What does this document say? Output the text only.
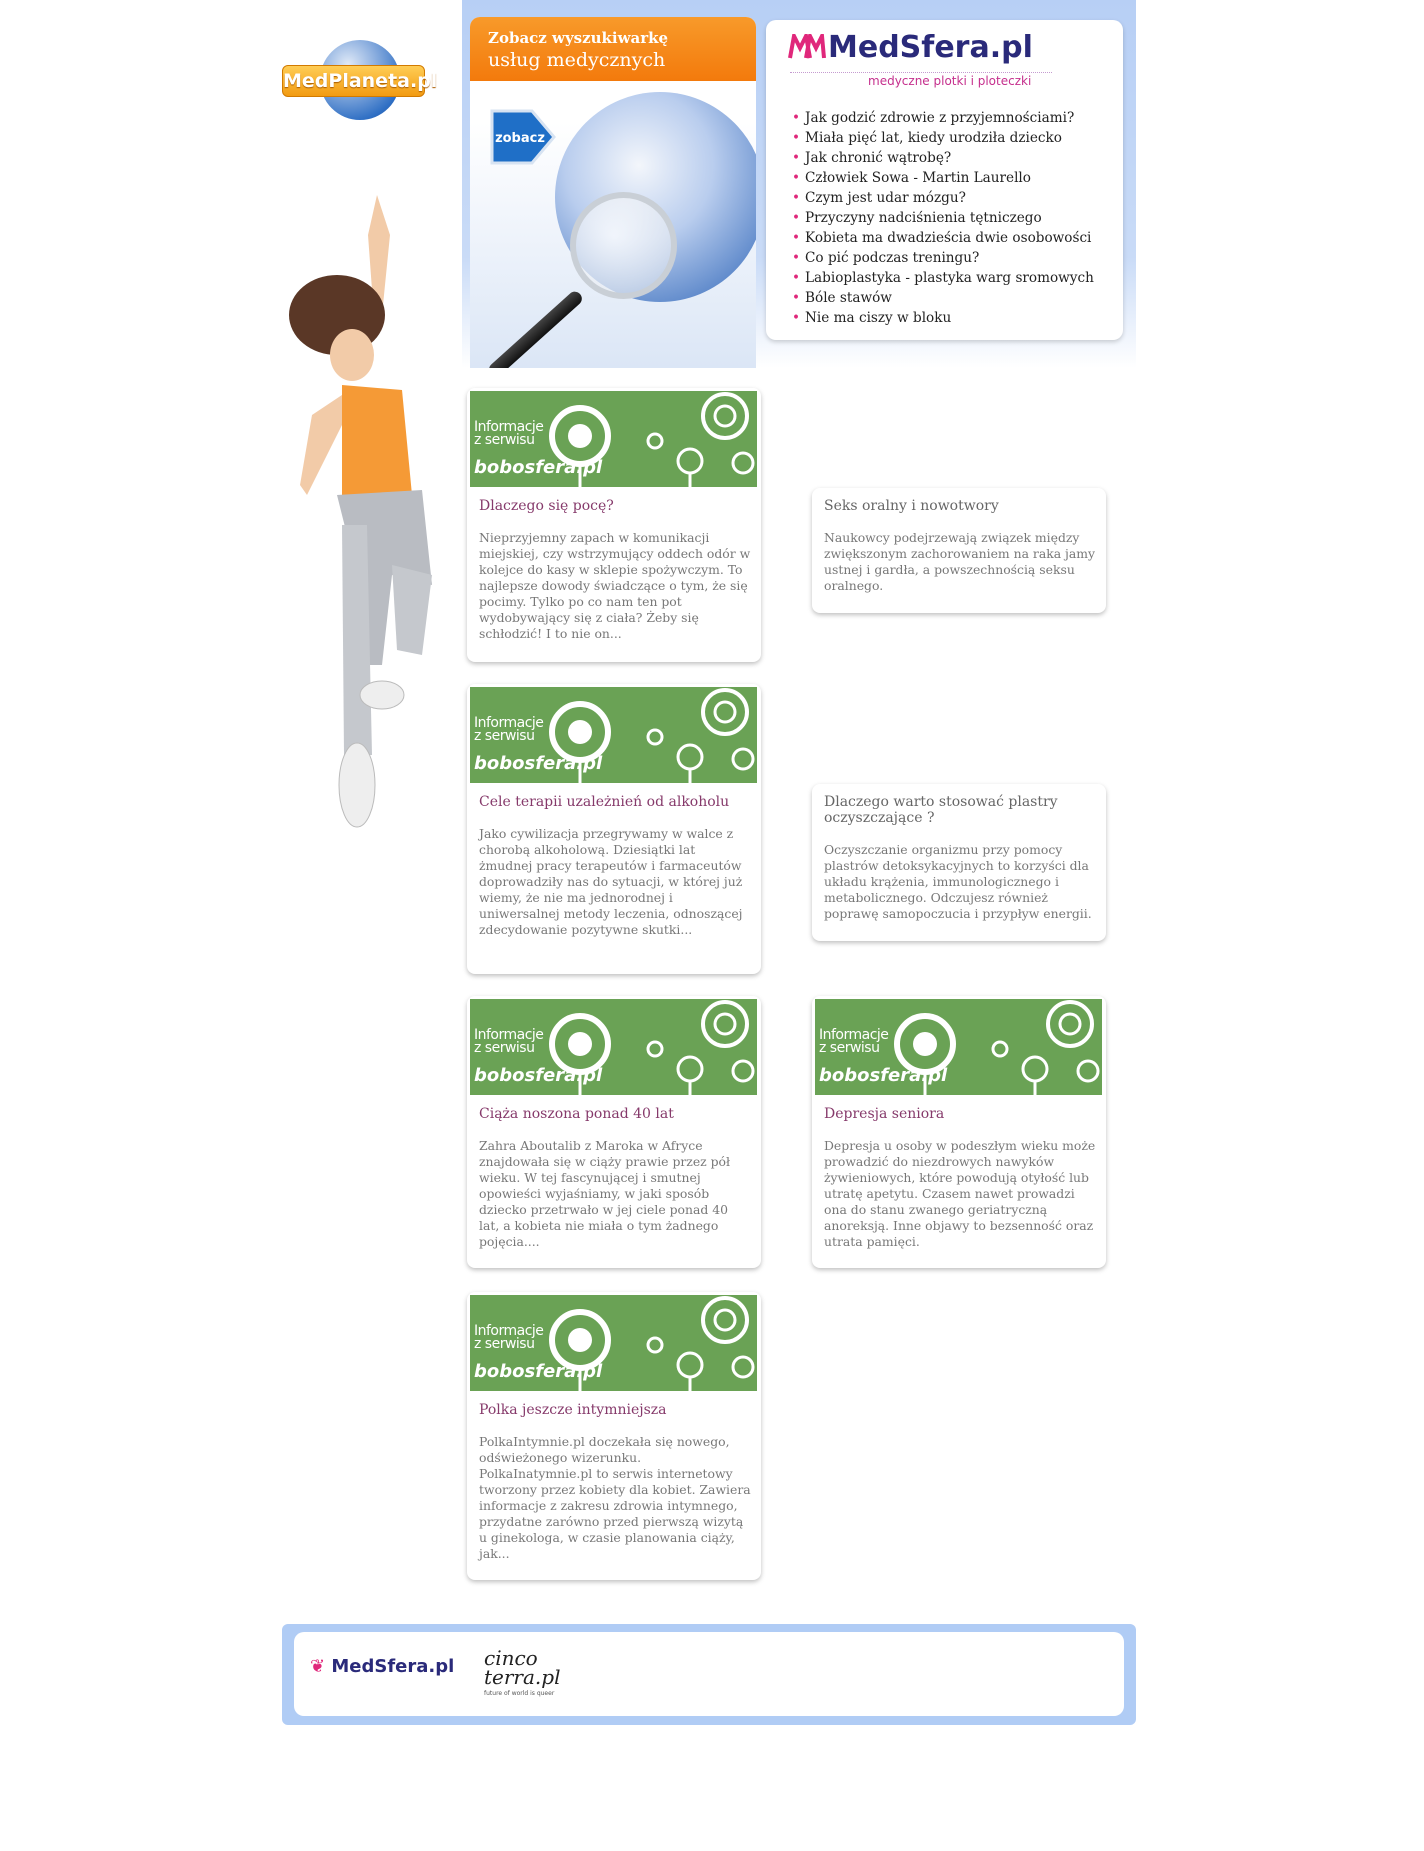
MedPlaneta.pl
Zobacz wyszukiwarkę
usług medycznych
zobacz
MedSfera.pl
medyczne plotki i ploteczki
• Jak godzić zdrowie z przyjemnościami?
• Miała pięć lat, kiedy urodziła dziecko
• Jak chronić wątrobę?
• Człowiek Sowa - Martin Laurello
• Czym jest udar mózgu?
• Przyczyny nadciśnienia tętniczego
• Kobieta ma dwadzieścia dwie osobowości
• Co pić podczas treningu?
• Labioplastyka - plastyka warg sromowych
• Bóle stawów
• Nie ma ciszy w bloku
Informacje
z serwisu
bobosfera.pl
Dlaczego się pocę?
Nieprzyjemny zapach w komunikacji miejskiej, czy wstrzymujący oddech odór w kolejce do kasy w sklepie spożywczym. To najlepsze dowody świadczące o tym, że się pocimy. Tylko po co nam ten pot wydobywający się z ciała? Żeby się schłodzić! I to nie on...
Seks oralny i nowotwory
Naukowcy podejrzewają związek między zwiększonym zachorowaniem na raka jamy ustnej i gardła, a powszechnością seksu oralnego.
Informacje
z serwisu
bobosfera.pl
Cele terapii uzależnień od alkoholu
Jako cywilizacja przegrywamy w walce z chorobą alkoholową. Dziesiątki lat żmudnej pracy terapeutów i farmaceutów doprowadziły nas do sytuacji, w której już wiemy, że nie ma jednorodnej i uniwersalnej metody leczenia, odnoszącej zdecydowanie pozytywne skutki...
Dlaczego warto stosować plastry oczyszczające ?
Oczyszczanie organizmu przy pomocy plastrów detoksykacyjnych to korzyści dla układu krążenia, immunologicznego i metabolicznego. Odczujesz również poprawę samopoczucia i przypływ energii.
Informacje
z serwisu
bobosfera.pl
Ciąża noszona ponad 40 lat
Zahra Aboutalib z Maroka w Afryce znajdowała się w ciąży prawie przez pół wieku. W tej fascynującej i smutnej opowieści wyjaśniamy, w jaki sposób dziecko przetrwało w jej ciele ponad 40 lat, a kobieta nie miała o tym żadnego pojęcia....
Informacje
z serwisu
bobosfera.pl
Depresja seniora
Depresja u osoby w podeszłym wieku może prowadzić do niezdrowych nawyków żywieniowych, które powodują otyłość lub utratę apetytu. Czasem nawet prowadzi ona do stanu zwanego geriatryczną anoreksją. Inne objawy to bezsenność oraz utrata pamięci.
Informacje
z serwisu
bobosfera.pl
Polka jeszcze intymniejsza
PolkaIntymnie.pl doczekała się nowego, odświeżonego wizerunku. PolkaInatymnie.pl to serwis internetowy tworzony przez kobiety dla kobiet. Zawiera informacje z zakresu zdrowia intymnego, przydatne zarówno przed pierwszą wizytą u ginekologa, w czasie planowania ciąży, jak...
❦ MedSfera.pl cinco
terra.pl
future of world is queer
